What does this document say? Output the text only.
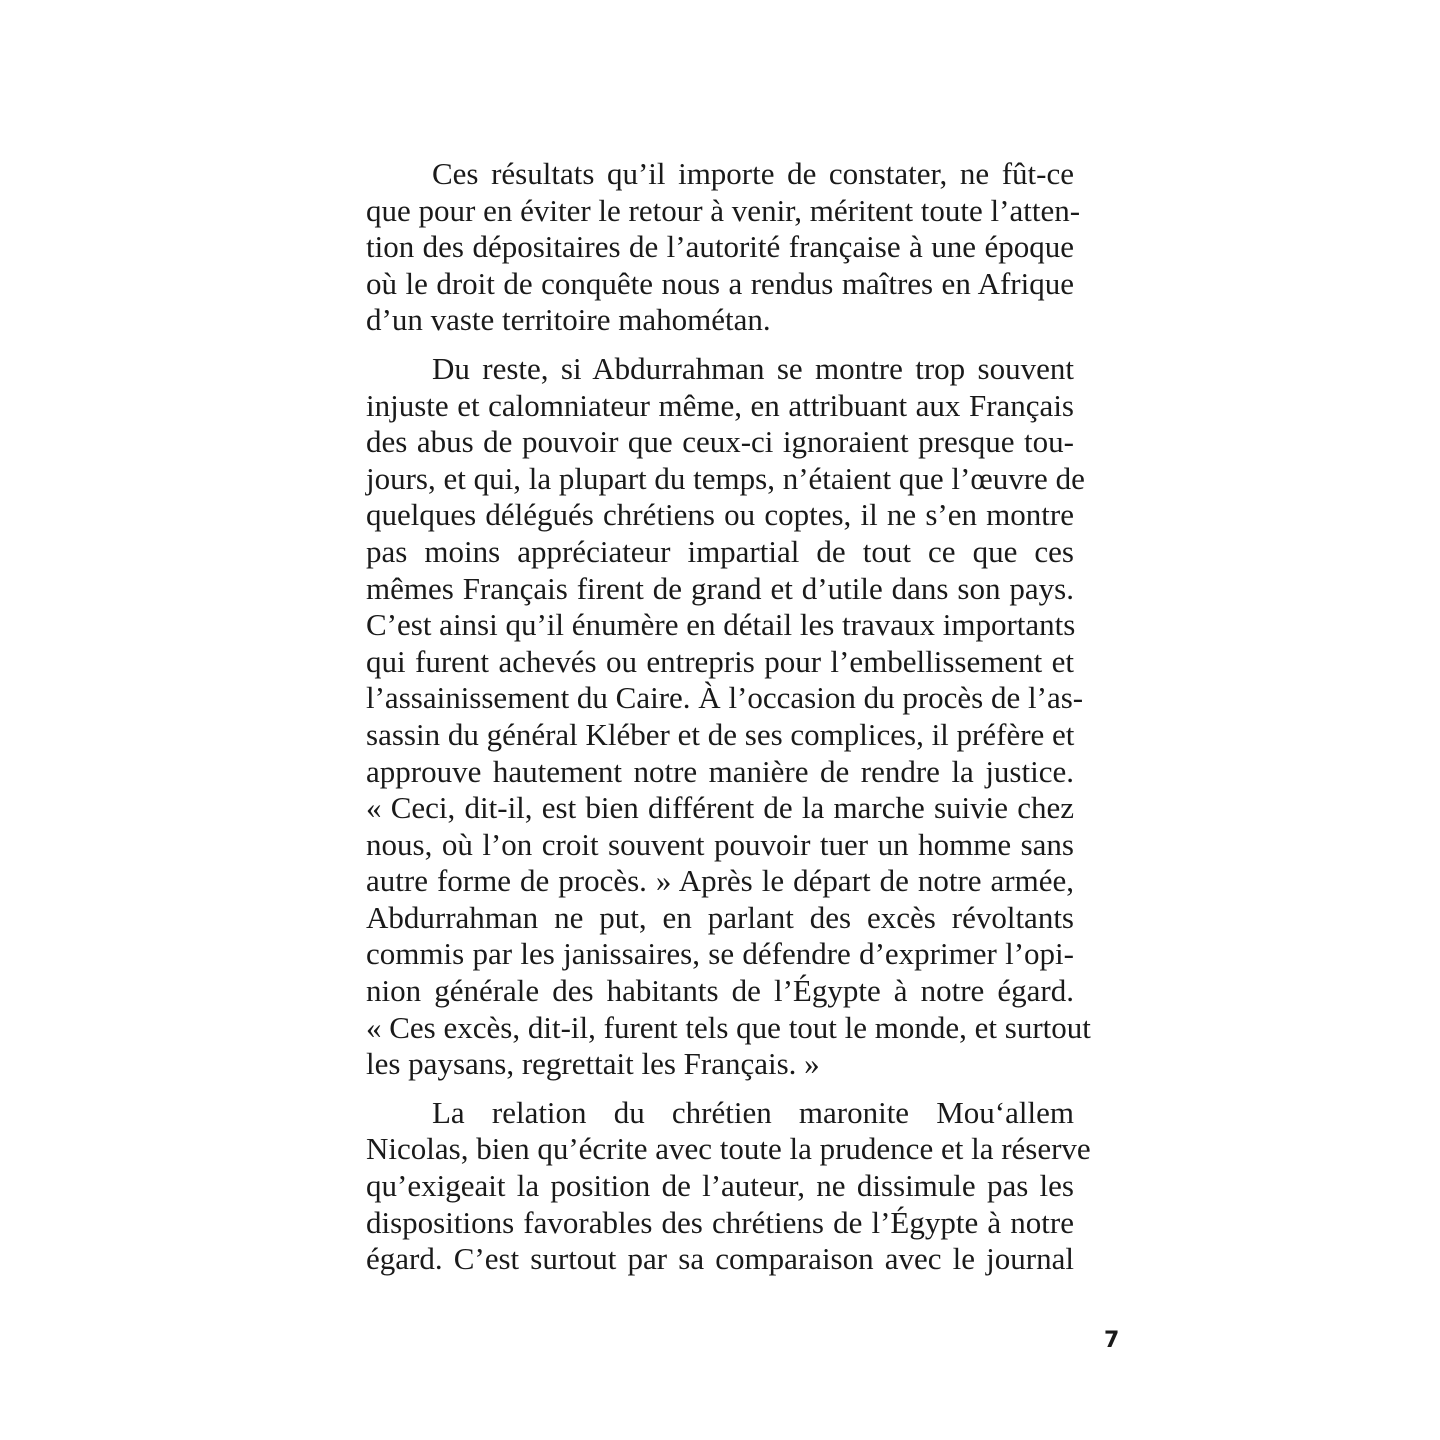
Ces résultats qu’il importe de constater, ne fût-ce
que pour en éviter le retour à venir, méritent toute l’atten-
tion des dépositaires de l’autorité française à une époque
où le droit de conquête nous a rendus maîtres en Afrique
d’un vaste territoire mahométan.

Du reste, si Abdurrahman se montre trop souvent
injuste et calomniateur même, en attribuant aux Français
des abus de pouvoir que ceux-ci ignoraient presque tou-
jours, et qui, la plupart du temps, n’étaient que l’œuvre de
quelques délégués chrétiens ou coptes, il ne s’en montre
pas moins appréciateur impartial de tout ce que ces
mêmes Français firent de grand et d’utile dans son pays.
C’est ainsi qu’il énumère en détail les travaux importants
qui furent achevés ou entrepris pour l’embellissement et
l’assainissement du Caire. À l’occasion du procès de l’as-
sassin du général Kléber et de ses complices, il préfère et
approuve hautement notre manière de rendre la justice.
« Ceci, dit-il, est bien différent de la marche suivie chez
nous, où l’on croit souvent pouvoir tuer un homme sans
autre forme de procès. » Après le départ de notre armée,
Abdurrahman ne put, en parlant des excès révoltants
commis par les janissaires, se défendre d’exprimer l’opi-
nion générale des habitants de l’Égypte à notre égard.
« Ces excès, dit-il, furent tels que tout le monde, et surtout
les paysans, regrettait les Français. »

La relation du chrétien maronite Mou‘allem
Nicolas, bien qu’écrite avec toute la prudence et la réserve
qu’exigeait la position de l’auteur, ne dissimule pas les
dispositions favorables des chrétiens de l’Égypte à notre
égard. C’est surtout par sa comparaison avec le journal

7
